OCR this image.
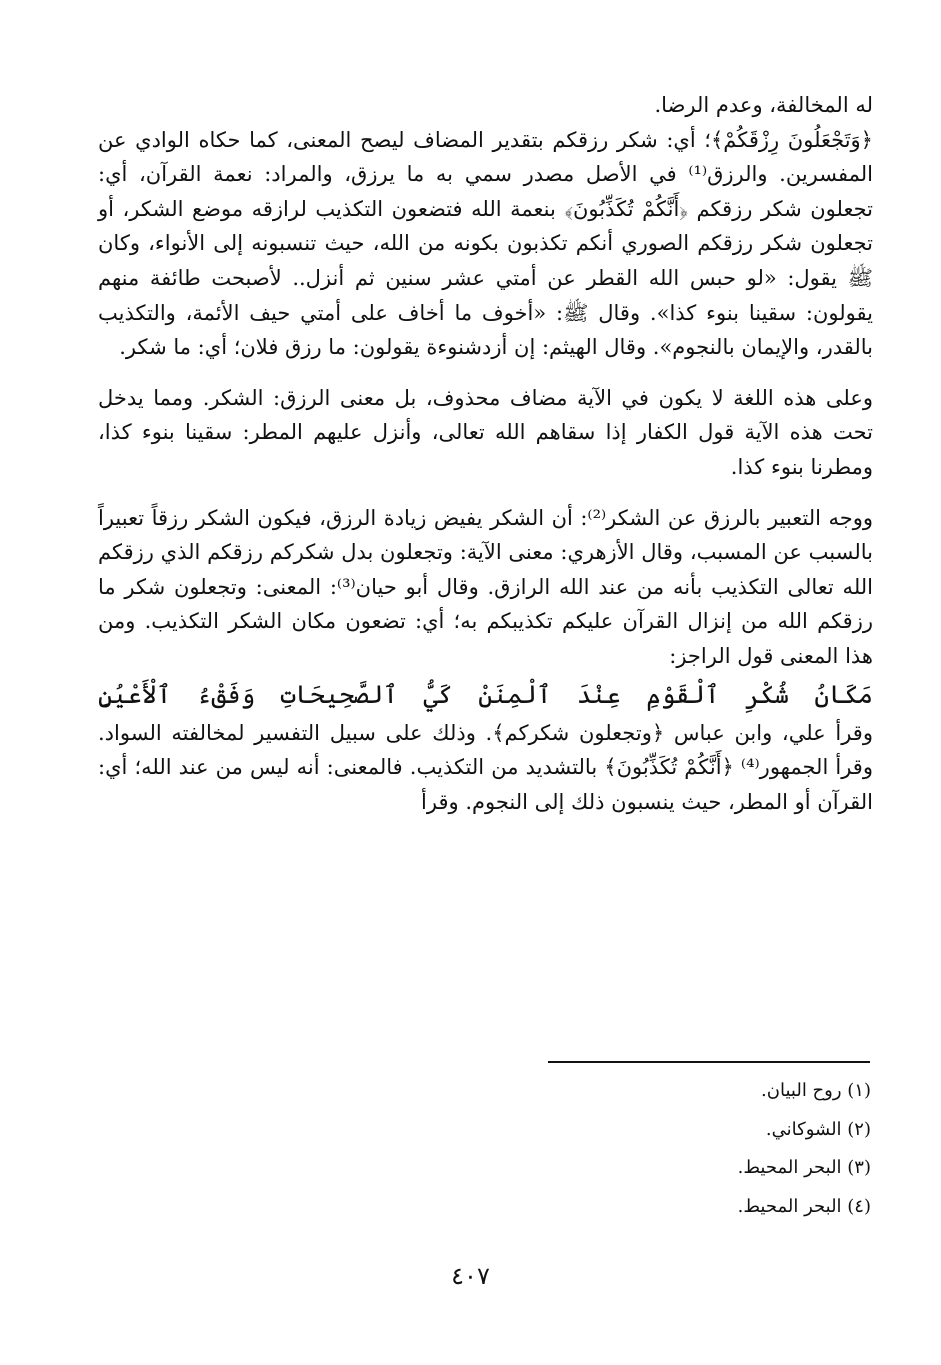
له المخالفة، وعدم الرضا.

﴿وَتَجْعَلُونَ رِزْقَكُمْ﴾؛ أي: شكر رزقكم بتقدير المضاف ليصح المعنى، كما حكاه الوادي عن المفسرين. والرزق⁽¹⁾ في الأصل مصدر سمي به ما يرزق، والمراد: نعمة القرآن، أي: تجعلون شكر رزقكم ﴿أَنَّكُمْ تُكَذِّبُونَ﴾ بنعمة الله فتضعون التكذيب لرازقه موضع الشكر، أو تجعلون شكر رزقكم الصوري أنكم تكذبون بكونه من الله، حيث تنسبونه إلى الأنواء، وكان ﷺ يقول: «لو حبس الله القطر عن أمتي عشر سنين ثم أنزل.. لأصبحت طائفة منهم يقولون: سقينا بنوء كذا». وقال ﷺ: «أخوف ما أخاف على أمتي حيف الأئمة، والتكذيب بالقدر، والإيمان بالنجوم». وقال الهيثم: إن أزدشنوءة يقولون: ما رزق فلان؛ أي: ما شكر.

وعلى هذه اللغة لا يكون في الآية مضاف محذوف، بل معنى الرزق: الشكر. ومما يدخل تحت هذه الآية قول الكفار إذا سقاهم الله تعالى، وأنزل عليهم المطر: سقينا بنوء كذا، ومطرنا بنوء كذا.

ووجه التعبير بالرزق عن الشكر⁽²⁾: أن الشكر يفيض زيادة الرزق، فيكون الشكر رزقاً تعبيراً بالسبب عن المسبب، وقال الأزهري: معنى الآية: وتجعلون بدل شكركم رزقكم الذي رزقكم الله تعالى التكذيب بأنه من عند الله الرازق. وقال أبو حيان⁽³⁾: المعنى: وتجعلون شكر ما رزقكم الله من إنزال القرآن عليكم تكذيبكم به؛ أي: تضعون مكان الشكر التكذيب. ومن هذا المعنى قول الراجز:

مَكَانُ شُكْرِ ٱلْقَوْمِ عِنْدَ ٱلْمِنَنْ كَيُّ ٱلصَّحِيحَاتِ وَفَقْءُ ٱلْأَعْيُنِ

وقرأ علي، وابن عباس ﴿وتجعلون شكركم﴾. وذلك على سبيل التفسير لمخالفته السواد. وقرأ الجمهور⁽⁴⁾ ﴿أَنَّكُمْ تُكَذِّبُونَ﴾ بالتشديد من التكذيب. فالمعنى: أنه ليس من عند الله؛ أي: القرآن أو المطر، حيث ينسبون ذلك إلى النجوم. وقرأ

(١) روح البيان.

(٢) الشوكاني.

(٣) البحر المحيط.

(٤) البحر المحيط.

٤٠٧
